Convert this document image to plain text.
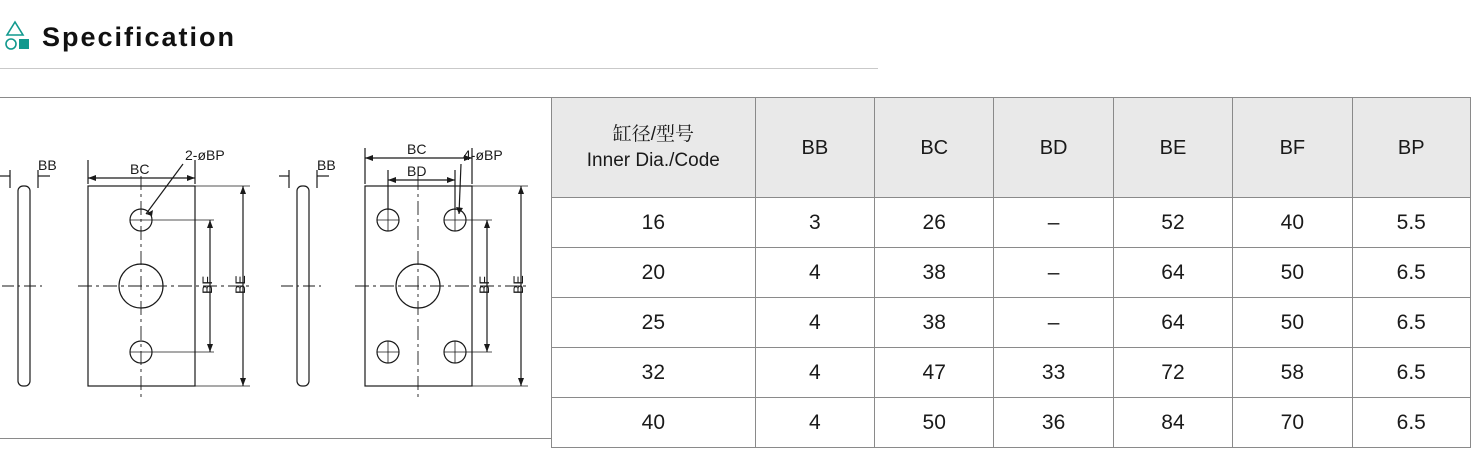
Specification
BB	BC
2-øBP
BF BE
BB
BC
BD
4-øBP
BF BE
缸径/型号
Inner Dia./Code	BB	BC	BD	BE	BF	BP
16	3	26	–	52	40	5.5
20	4	38	–	64	50	6.5
25	4	38	–	64	50	6.5
32	4	47	33	72	58	6.5
40	4	50	36	84	70	6.5
